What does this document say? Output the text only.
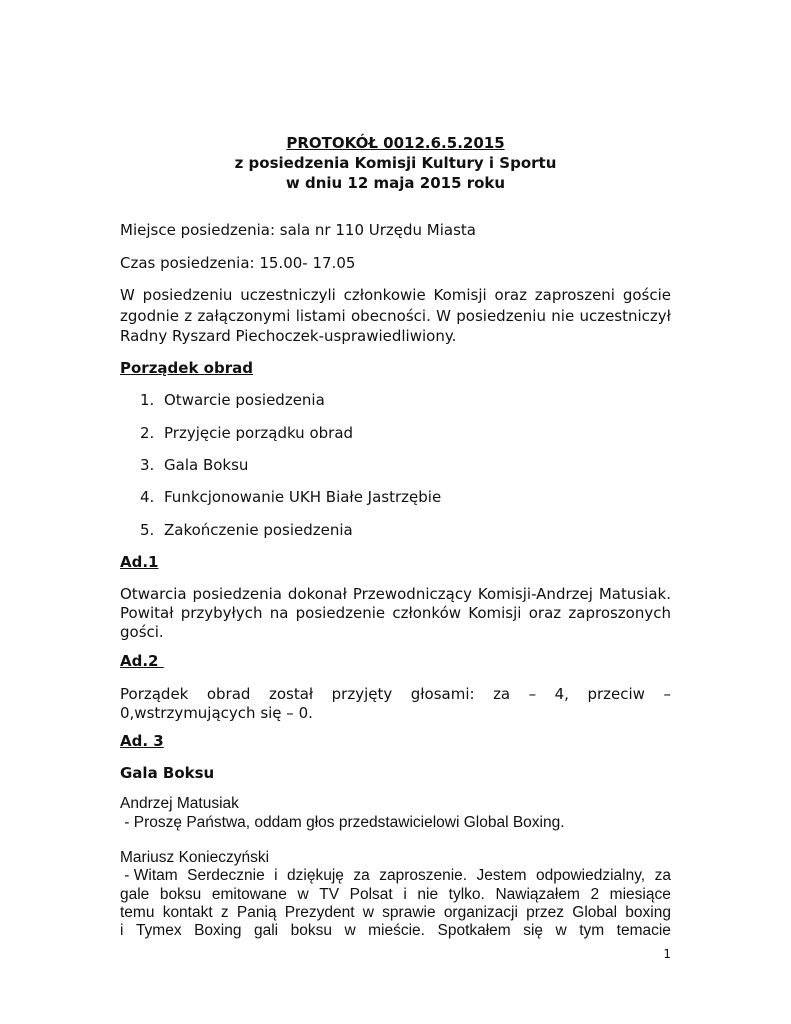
PROTOKÓŁ 0012.6.5.2015
z posiedzenia Komisji Kultury i Sportu
w dniu 12 maja 2015 roku
Miejsce posiedzenia: sala nr 110 Urzędu Miasta
Czas posiedzenia: 15.00- 17.05
W posiedzeniu uczestniczyli członkowie Komisji oraz zaproszeni goście
zgodnie z załączonymi listami obecności. W posiedzeniu nie uczestniczył
Radny Ryszard Piechoczek-usprawiedliwiony.
Porządek obrad
1. Otwarcie posiedzenia
2. Przyjęcie porządku obrad
3. Gala Boksu
4. Funkcjonowanie UKH Białe Jastrzębie
5. Zakończenie posiedzenia
Ad.1
Otwarcia posiedzenia dokonał Przewodniczący Komisji-Andrzej Matusiak.
Powitał przybyłych na posiedzenie członków Komisji oraz zaproszonych
gości.
Ad.2
Porządek obrad został przyjęty głosami: za – 4, przeciw –
0,wstrzymujących się – 0.
Ad. 3
Gala Boksu
Andrzej Matusiak
- Proszę Państwa, oddam głos przedstawicielowi Global Boxing.
Mariusz Konieczyński
- Witam Serdecznie i dziękuję za zaproszenie. Jestem odpowiedzialny, za
gale boksu emitowane w TV Polsat i nie tylko. Nawiązałem 2 miesiące
temu kontakt z Panią Prezydent w sprawie organizacji przez Global boxing
i Tymex Boxing gali boksu w mieście. Spotkałem się w tym temacie
1
